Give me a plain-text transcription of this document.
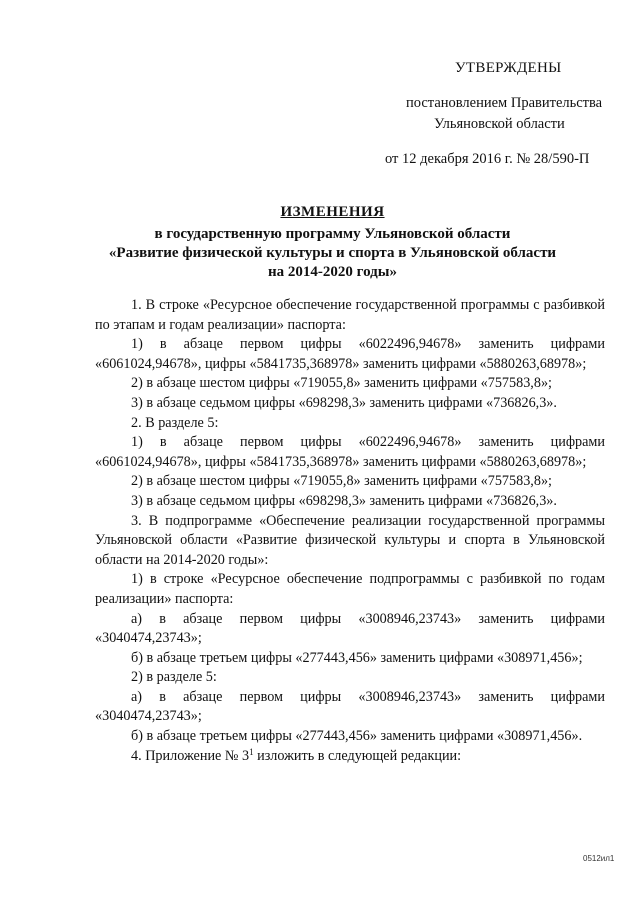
УТВЕРЖДЕНЫ
постановлением Правительства
Ульяновской области
от 12 декабря 2016 г. № 28/590-П
ИЗМЕНЕНИЯ
в государственную программу Ульяновской области
«Развитие физической культуры и спорта в Ульяновской области
на 2014-2020 годы»

1. В строке «Ресурсное обеспечение государственной программы с разбивкой по этапам и годам реализации» паспорта:

1) в абзаце первом цифры «6022496,94678» заменить цифрами «6061024,94678», цифры «5841735,368978» заменить цифрами «5880263,68978»;

2) в абзаце шестом цифры «719055,8» заменить цифрами «757583,8»;

3) в абзаце седьмом цифры «698298,3» заменить цифрами «736826,3».

2. В разделе 5:

1) в абзаце первом цифры «6022496,94678» заменить цифрами «6061024,94678», цифры «5841735,368978» заменить цифрами «5880263,68978»;

2) в абзаце шестом цифры «719055,8» заменить цифрами «757583,8»;

3) в абзаце седьмом цифры «698298,3» заменить цифрами «736826,3».

3. В подпрограмме «Обеспечение реализации государственной программы Ульяновской области «Развитие физической культуры и спорта в Ульяновской области на 2014-2020 годы»:

1) в строке «Ресурсное обеспечение подпрограммы с разбивкой по годам реализации» паспорта:

а) в абзаце первом цифры «3008946,23743» заменить цифрами «3040474,23743»;

б) в абзаце третьем цифры «277443,456» заменить цифрами «308971,456»;

2) в разделе 5:

а) в абзаце первом цифры «3008946,23743» заменить цифрами «3040474,23743»;

б) в абзаце третьем цифры «277443,456» заменить цифрами «308971,456».

4. Приложение № $3^1$ изложить в следующей редакции:

0512ил1
